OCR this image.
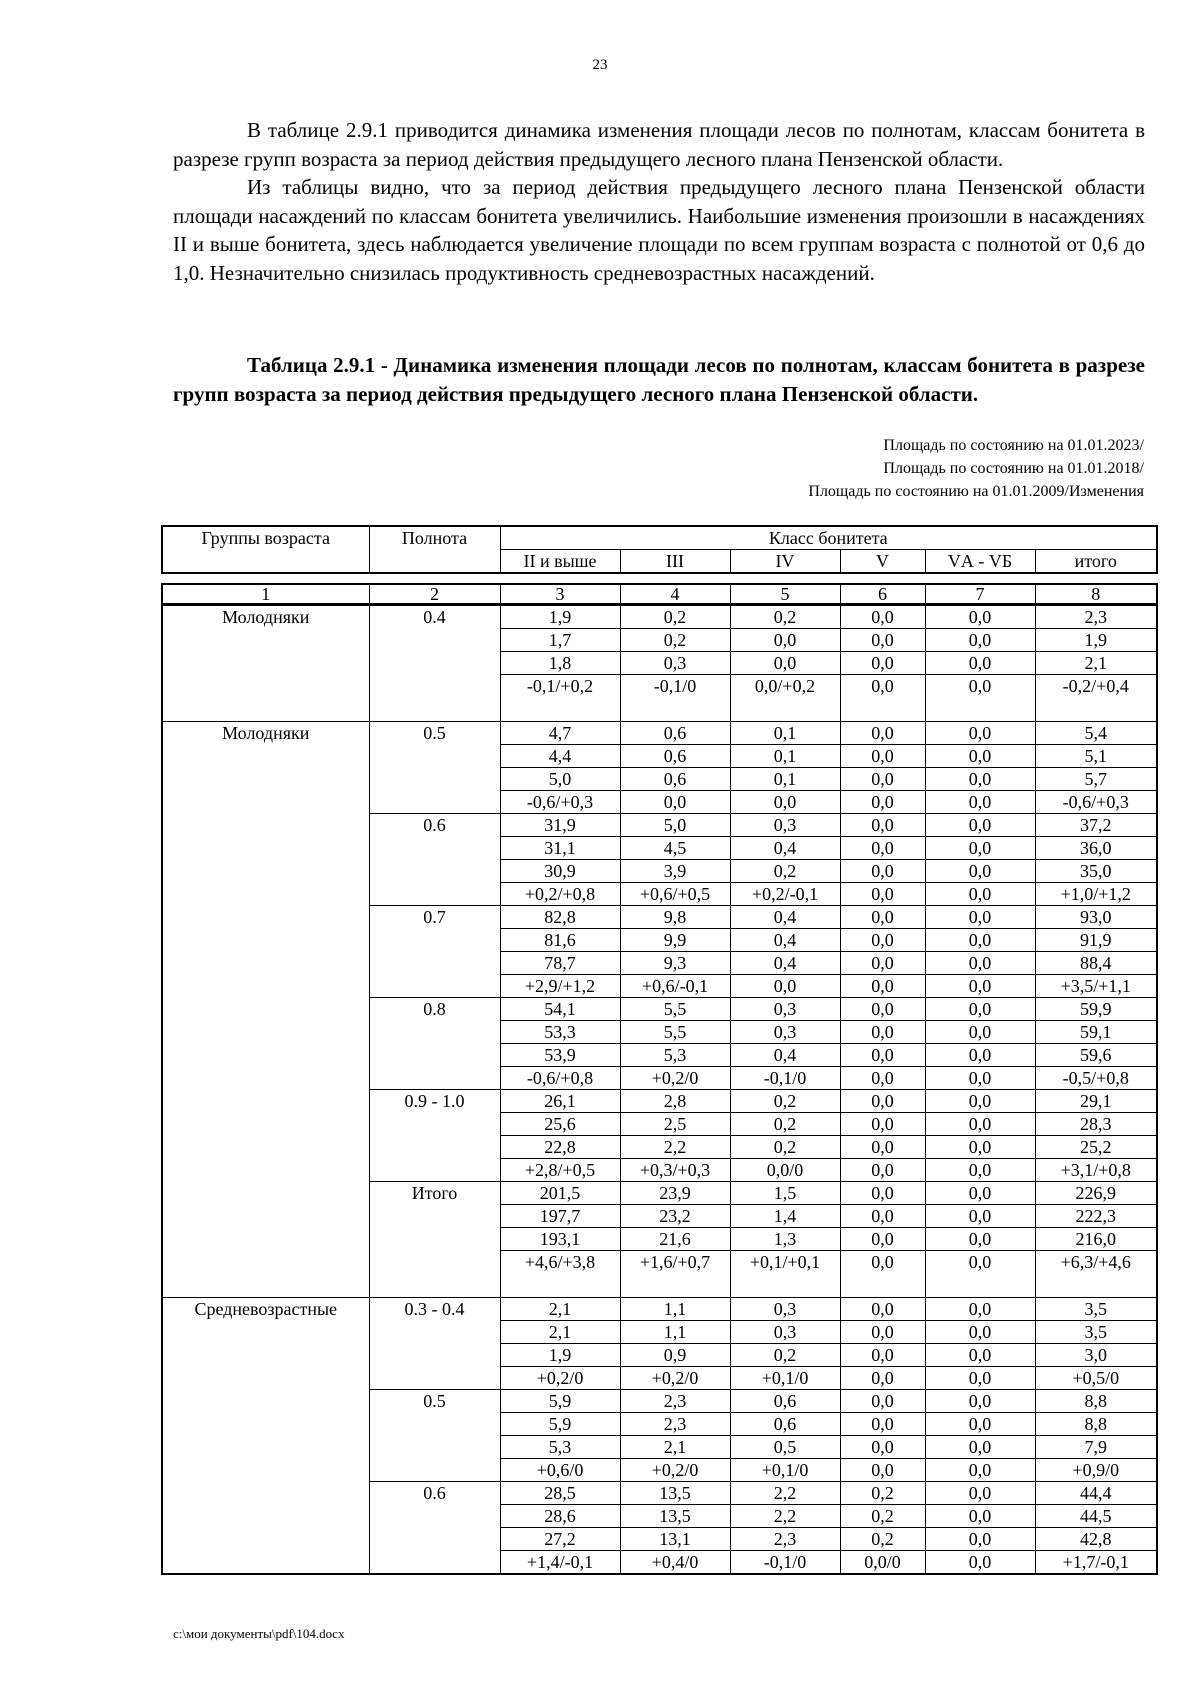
23

В таблице 2.9.1 приводится динамика изменения площади лесов по полнотам, классам бонитета в разрезе групп возраста за период действия предыдущего лесного плана Пензенской области.

Из таблицы видно, что за период действия предыдущего лесного плана Пензенской области площади насаждений по классам бонитета увеличились. Наибольшие изменения произошли в насаждениях II и выше бонитета, здесь наблюдается увеличение площади по всем группам возраста с полнотой от 0,6 до 1,0. Незначительно снизилась продуктивность средневозрастных насаждений.

Таблица 2.9.1 - Динамика изменения площади лесов по полнотам, классам бонитета в разрезе групп возраста за период действия предыдущего лесного плана Пензенской области.
Площадь по состоянию на 01.01.2023/
Площадь по состоянию на 01.01.2018/
Площадь по состоянию на 01.01.2009/Изменения
Группы возраста	Полнота	Класс бонитета					
		II и выше	III	IV	V	VА - VБ	итого
1	2	3	4	5	6	7	8
Молодняки	0.4	1,9	0,2	0,2	0,0	0,0	2,3
		1,7	0,2	0,0	0,0	0,0	1,9
		1,8	0,3	0,0	0,0	0,0	2,1
		-0,1/+0,2	-0,1/0	0,0/+0,2	0,0	0,0	-0,2/+0,4

Молодняки	0.5	4,7	0,6	0,1	0,0	0,0	5,4
		4,4	0,6	0,1	0,0	0,0	5,1
		5,0	0,6	0,1	0,0	0,0	5,7
		-0,6/+0,3	0,0	0,0	0,0	0,0	-0,6/+0,3
	0.6	31,9	5,0	0,3	0,0	0,0	37,2
		31,1	4,5	0,4	0,0	0,0	36,0
		30,9	3,9	0,2	0,0	0,0	35,0
		+0,2/+0,8	+0,6/+0,5	+0,2/-0,1	0,0	0,0	+1,0/+1,2
	0.7	82,8	9,8	0,4	0,0	0,0	93,0
		81,6	9,9	0,4	0,0	0,0	91,9
		78,7	9,3	0,4	0,0	0,0	88,4
		+2,9/+1,2	+0,6/-0,1	0,0	0,0	0,0	+3,5/+1,1
	0.8	54,1	5,5	0,3	0,0	0,0	59,9
		53,3	5,5	0,3	0,0	0,0	59,1
		53,9	5,3	0,4	0,0	0,0	59,6
		-0,6/+0,8	+0,2/0	-0,1/0	0,0	0,0	-0,5/+0,8
	0.9 - 1.0	26,1	2,8	0,2	0,0	0,0	29,1
		25,6	2,5	0,2	0,0	0,0	28,3
		22,8	2,2	0,2	0,0	0,0	25,2
		+2,8/+0,5	+0,3/+0,3	0,0/0	0,0	0,0	+3,1/+0,8
	Итого	201,5	23,9	1,5	0,0	0,0	226,9
		197,7	23,2	1,4	0,0	0,0	222,3
		193,1	21,6	1,3	0,0	0,0	216,0
		+4,6/+3,8	+1,6/+0,7	+0,1/+0,1	0,0	0,0	+6,3/+4,6

Средневозрастные	0.3 - 0.4	2,1	1,1	0,3	0,0	0,0	3,5
		2,1	1,1	0,3	0,0	0,0	3,5
		1,9	0,9	0,2	0,0	0,0	3,0
		+0,2/0	+0,2/0	+0,1/0	0,0	0,0	+0,5/0
	0.5	5,9	2,3	0,6	0,0	0,0	8,8
		5,9	2,3	0,6	0,0	0,0	8,8
		5,3	2,1	0,5	0,0	0,0	7,9
		+0,6/0	+0,2/0	+0,1/0	0,0	0,0	+0,9/0
	0.6	28,5	13,5	2,2	0,2	0,0	44,4
		28,6	13,5	2,2	0,2	0,0	44,5
		27,2	13,1	2,3	0,2	0,0	42,8
		+1,4/-0,1	+0,4/0	-0,1/0	0,0/0	0,0	+1,7/-0,1
c:\мои документы\pdf\104.docx
